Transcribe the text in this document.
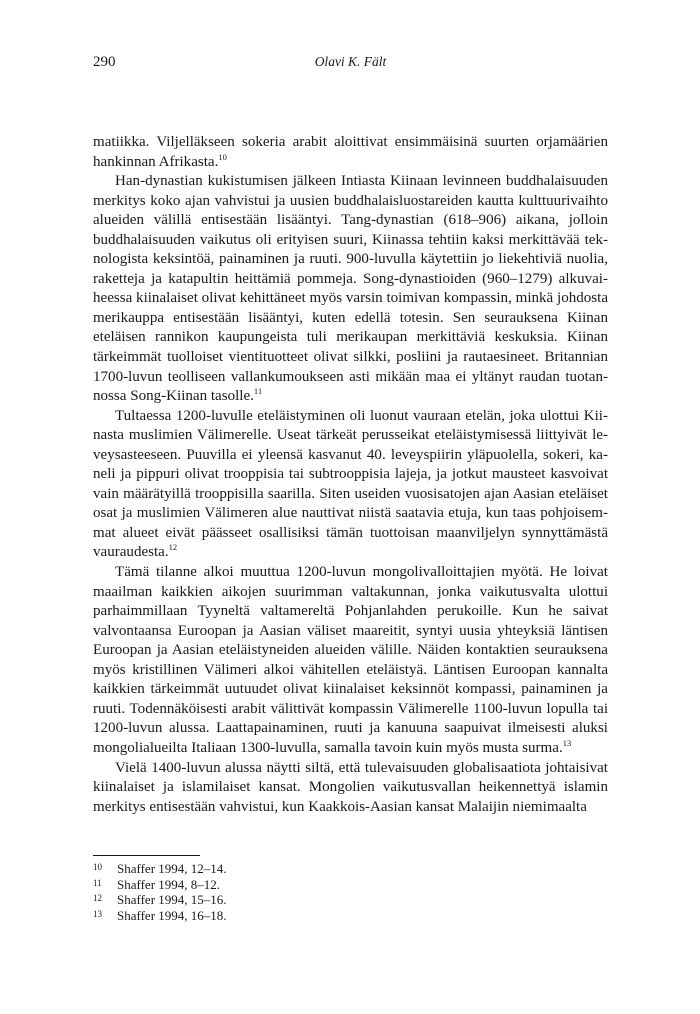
290	Olavi K. Fält

matiikka. Viljelläkseen sokeria arabit aloittivat ensimmäisinä suurten orjamäärien hankinnan Afrikasta.$^{10}$

Han-dynastian kukistumisen jälkeen Intiasta Kiinaan levinneen buddhalaisuuden merkitys koko ajan vahvistui ja uusien buddhalaisluostareiden kautta kulttuurivaihto alueiden välillä entisestään lisääntyi. Tang-dynastian (618–906) aikana, jolloin buddhalaisuuden vaikutus oli erityisen suuri, Kiinassa tehtiin kaksi merkittävää teknologista keksintöä, painaminen ja ruuti. 900-luvulla käytettiin jo liekehtiviä nuolia, raketteja ja katapultin heittämiä pommeja. Song-dynastioiden (960–1279) alkuvaiheessa kiinalaiset olivat kehittäneet myös varsin toimivan kompassin, minkä johdosta merikauppa entisestään lisääntyi, kuten edellä totesin. Sen seurauksena Kiinan eteläisen rannikon kaupungeista tuli merikaupan merkittäviä keskuksia. Kiinan tärkeimmät tuolloiset vientituotteet olivat silkki, posliini ja rautaesineet. Britannian 1700-luvun teolliseen vallankumoukseen asti mikään maa ei yltänyt raudan tuotannossa Song-Kiinan tasolle.$^{11}$

Tultaessa 1200-luvulle eteläistyminen oli luonut vauraan etelän, joka ulottui Kiinasta muslimien Välimerelle. Useat tärkeät perusseikat eteläistymisessä liittyivät leveysasteeseen. Puuvilla ei yleensä kasvanut 40. leveyspiirin yläpuolella, sokeri, kaneli ja pippuri olivat trooppisia tai subtrooppisia lajeja, ja jotkut mausteet kasvoivat vain määrätyillä trooppisilla saarilla. Siten useiden vuosisatojen ajan Aasian eteläiset osat ja muslimien Välimeren alue nauttivat niistä saatavia etuja, kun taas pohjoisemmat alueet eivät päässeet osallisiksi tämän tuottoisan maanviljelyn synnyttämästä vauraudesta.$^{12}$

Tämä tilanne alkoi muuttua 1200-luvun mongolivalloittajien myötä. He loivat maailman kaikkien aikojen suurimman valtakunnan, jonka vaikutusvalta ulottui parhaimmillaan Tyyneltä valtamereltä Pohjanlahden perukoille. Kun he saivat valvontaansa Euroopan ja Aasian väliset maareitit, syntyi uusia yhteyksiä läntisen Euroopan ja Aasian eteläistyneiden alueiden välille. Näiden kontaktien seurauksena myös kristillinen Välimeri alkoi vähitellen eteläistyä. Läntisen Euroopan kannalta kaikkien tärkeimmät uutuudet olivat kiinalaiset keksinnöt kompassi, painaminen ja ruuti. Todennäköisesti arabit välittivät kompassin Välimerelle 1100-luvun lopulla tai 1200-luvun alussa. Laattapainaminen, ruuti ja kanuuna saapuivat ilmeisesti aluksi mongolialueilta Italiaan 1300-luvulla, samalla tavoin kuin myös musta surma.$^{13}$

Vielä 1400-luvun alussa näytti siltä, että tulevaisuuden globalisaatiota johtaisivat kiinalaiset ja islamilaiset kansat. Mongolien vaikutusvallan heikennettyä islamin merkitys entisestään vahvistui, kun Kaakkois-Aasian kansat Malaijin niemimaalta

10	Shaffer 1994, 12–14.
11	Shaffer 1994, 8–12.
12	Shaffer 1994, 15–16.
13	Shaffer 1994, 16–18.
